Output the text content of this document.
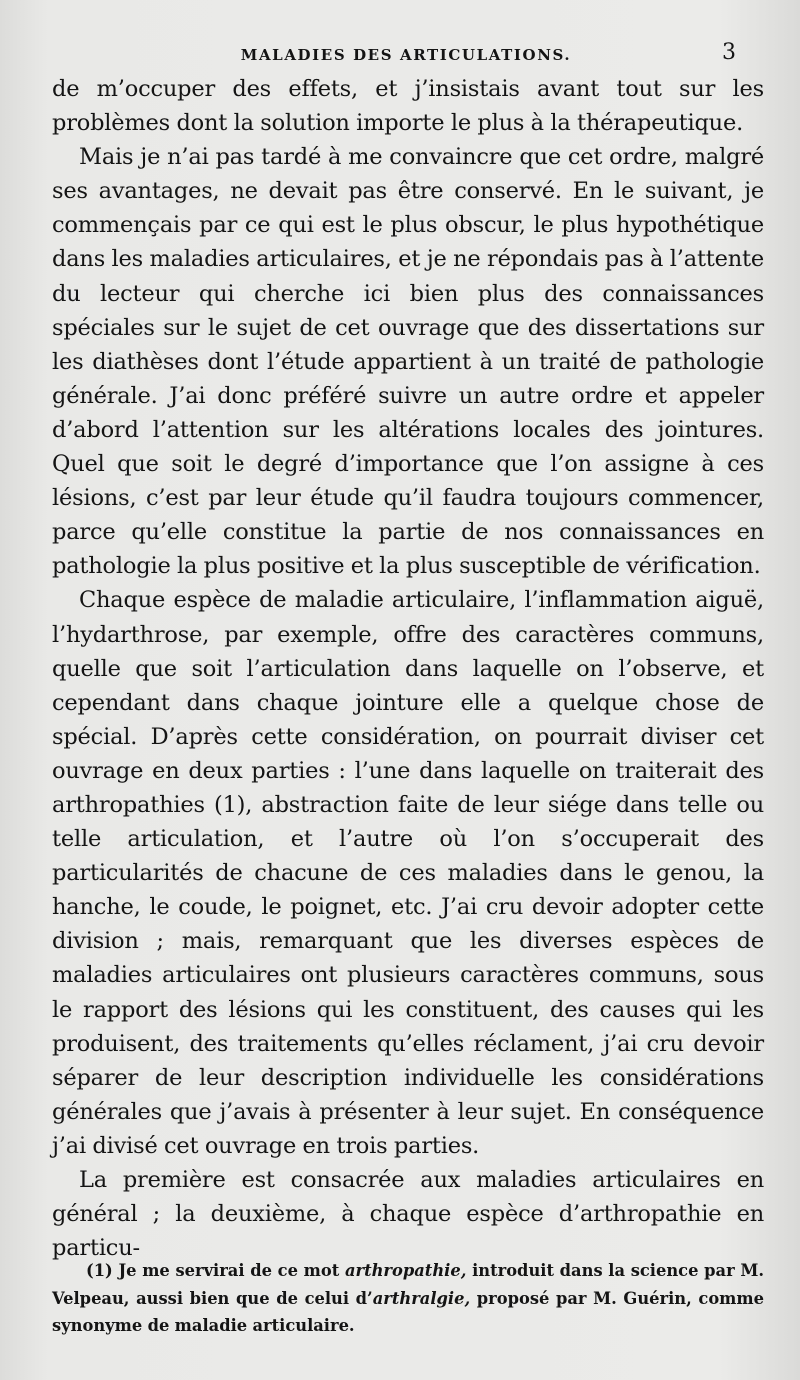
MALADIES DES ARTICULATIONS.	3

de m’occuper des effets, et j’insistais avant tout sur les problèmes dont la solution importe le plus à la thérapeutique.

Mais je n’ai pas tardé à me convaincre que cet ordre, malgré ses avantages, ne devait pas être conservé. En le suivant, je commençais par ce qui est le plus obscur, le plus hypothétique dans les maladies articulaires, et je ne répondais pas à l’attente du lecteur qui cherche ici bien plus des connaissances spéciales sur le sujet de cet ouvrage que des dissertations sur les diathèses dont l’étude appartient à un traité de pathologie générale. J’ai donc préféré suivre un autre ordre et appeler d’abord l’attention sur les altérations locales des jointures. Quel que soit le degré d’importance que l’on assigne à ces lésions, c’est par leur étude qu’il faudra toujours commencer, parce qu’elle constitue la partie de nos connaissances en pathologie la plus positive et la plus susceptible de vérification.

Chaque espèce de maladie articulaire, l’inflammation aiguë, l’hydarthrose, par exemple, offre des caractères communs, quelle que soit l’articulation dans laquelle on l’observe, et cependant dans chaque jointure elle a quelque chose de spécial. D’après cette considération, on pourrait diviser cet ouvrage en deux parties : l’une dans laquelle on traiterait des arthropathies (1), abstraction faite de leur siége dans telle ou telle articulation, et l’autre où l’on s’occuperait des particularités de chacune de ces maladies dans le genou, la hanche, le coude, le poignet, etc. J’ai cru devoir adopter cette division ; mais, remarquant que les diverses espèces de maladies articulaires ont plusieurs caractères communs, sous le rapport des lésions qui les constituent, des causes qui les produisent, des traitements qu’elles réclament, j’ai cru devoir séparer de leur description individuelle les considérations générales que j’avais à présenter à leur sujet. En conséquence j’ai divisé cet ouvrage en trois parties.

La première est consacrée aux maladies articulaires en général ; la deuxième, à chaque espèce d’arthropathie en particu-

(1) Je me servirai de ce mot arthropathie, introduit dans la science par M. Velpeau, aussi bien que de celui d’arthralgie, proposé par M. Guérin, comme synonyme de maladie articulaire.
